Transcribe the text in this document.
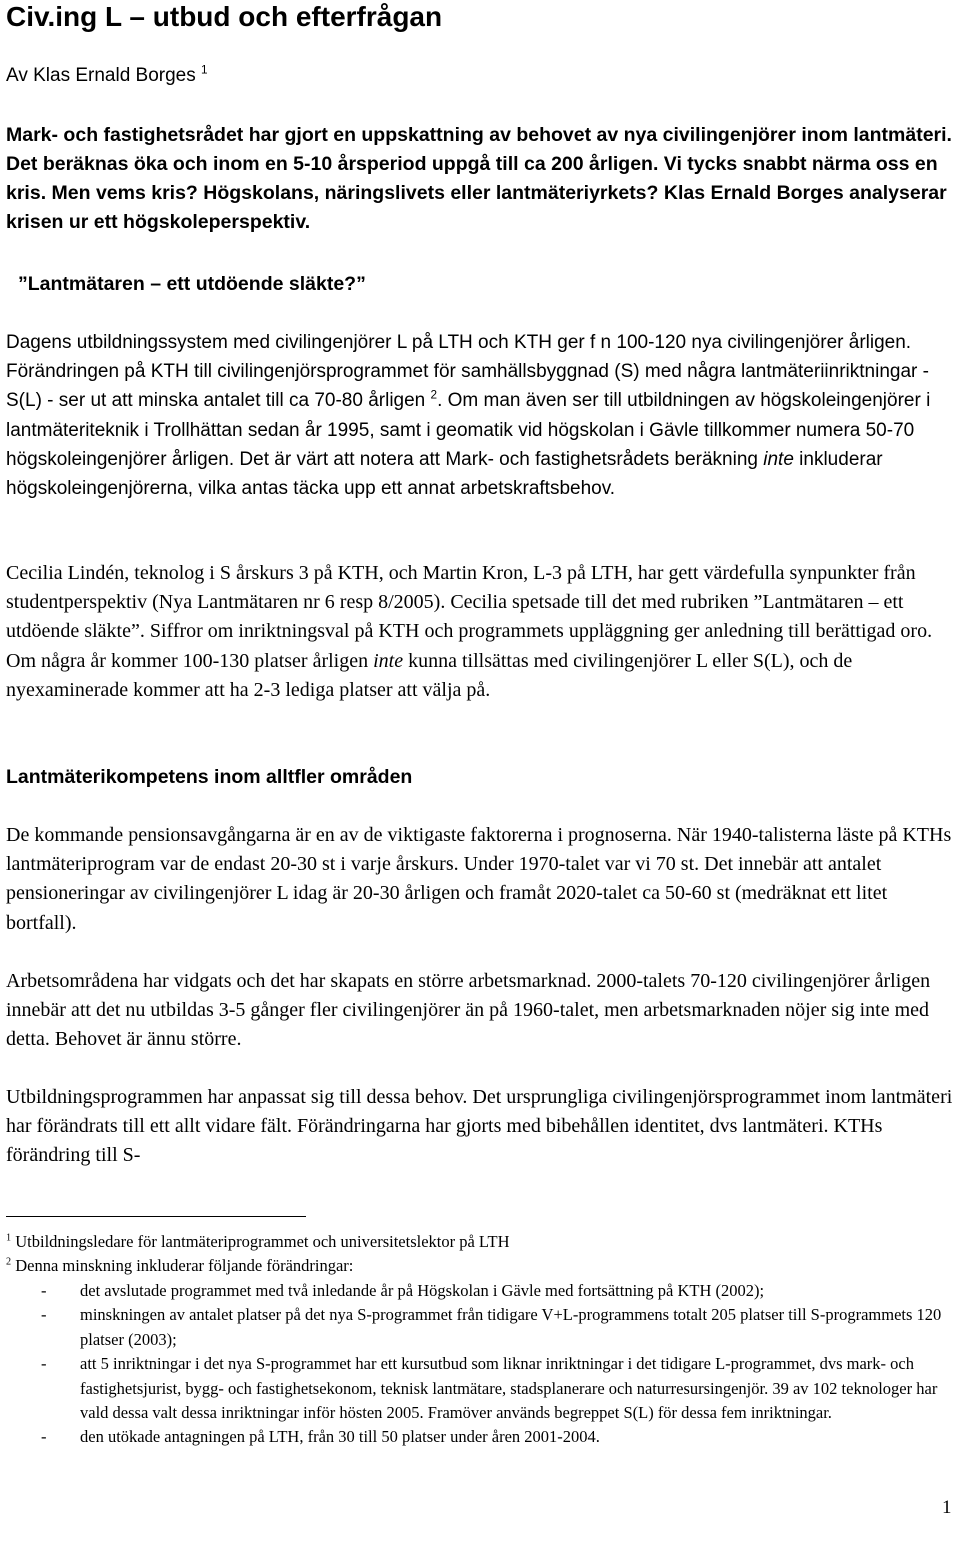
Civ.ing L – utbud och efterfrågan

Av Klas Ernald Borges $^1$

Mark- och fastighetsrådet har gjort en uppskattning av behovet av nya civilingenjörer inom lantmäteri. Det beräknas öka och inom en 5-10 årsperiod uppgå till ca 200 årligen. Vi tycks snabbt närma oss en kris. Men vems kris? Högskolans, näringslivets eller lantmäteriyrkets? Klas Ernald Borges analyserar krisen ur ett högskoleperspektiv.

”Lantmätaren – ett utdöende släkte?”

Dagens utbildningssystem med civilingenjörer L på LTH och KTH ger f n 100-120 nya civilingenjörer årligen. Förändringen på KTH till civilingenjörsprogrammet för samhällsbyggnad (S) med några lantmäteriinriktningar - S(L) - ser ut att minska antalet till ca 70-80 årligen $^2$. Om man även ser till utbildningen av högskoleingenjörer i lantmäteriteknik i Trollhättan sedan år 1995, samt i geomatik vid högskolan i Gävle tillkommer numera 50-70 högskoleingenjörer årligen. Det är värt att notera att Mark- och fastighetsrådets beräkning inte inkluderar högskoleingenjörerna, vilka antas täcka upp ett annat arbetskraftsbehov.

Cecilia Lindén, teknolog i S årskurs 3 på KTH, och Martin Kron, L-3 på LTH, har gett värdefulla synpunkter från studentperspektiv (Nya Lantmätaren nr 6 resp 8/2005). Cecilia spetsade till det med rubriken ”Lantmätaren – ett utdöende släkte”. Siffror om inriktningsval på KTH och programmets uppläggning ger anledning till berättigad oro. Om några år kommer 100-130 platser årligen inte kunna tillsättas med civilingenjörer L eller S(L), och de nyexaminerade kommer att ha 2-3 lediga platser att välja på.

Lantmäterikompetens inom alltfler områden

De kommande pensionsavgångarna är en av de viktigaste faktorerna i prognoserna. När 1940-talisterna läste på KTHs lantmäteriprogram var de endast 20-30 st i varje årskurs. Under 1970-talet var vi 70 st. Det innebär att antalet pensioneringar av civilingenjörer L idag är 20-30 årligen och framåt 2020-talet ca 50-60 st (medräknat ett litet bortfall).

Arbetsområdena har vidgats och det har skapats en större arbetsmarknad. 2000-talets 70-120 civilingenjörer årligen innebär att det nu utbildas 3-5 gånger fler civilingenjörer än på 1960-talet, men arbetsmarknaden nöjer sig inte med detta. Behovet är ännu större.

Utbildningsprogrammen har anpassat sig till dessa behov. Det ursprungliga civilingenjörsprogrammet inom lantmäteri har förändrats till ett allt vidare fält. Förändringarna har gjorts med bibehållen identitet, dvs lantmäteri. KTHs förändring till S-

$^1$ Utbildningsledare för lantmäteriprogrammet och universitetslektor på LTH

$^2$ Denna minskning inkluderar följande förändringar:

- det avslutade programmet med två inledande år på Högskolan i Gävle med fortsättning på KTH (2002);
- minskningen av antalet platser på det nya S-programmet från tidigare V+L-programmens totalt 205 platser till S-programmets 120 platser (2003);
- att 5 inriktningar i det nya S-programmet har ett kursutbud som liknar inriktningar i det tidigare L-programmet, dvs mark- och fastighetsjurist, bygg- och fastighetsekonom, teknisk lantmätare, stadsplanerare och naturresursingenjör. 39 av 102 teknologer har vald dessa valt dessa inriktningar inför hösten 2005. Framöver används begreppet S(L) för dessa fem inriktningar.
- den utökade antagningen på LTH, från 30 till 50 platser under åren 2001-2004.

1
